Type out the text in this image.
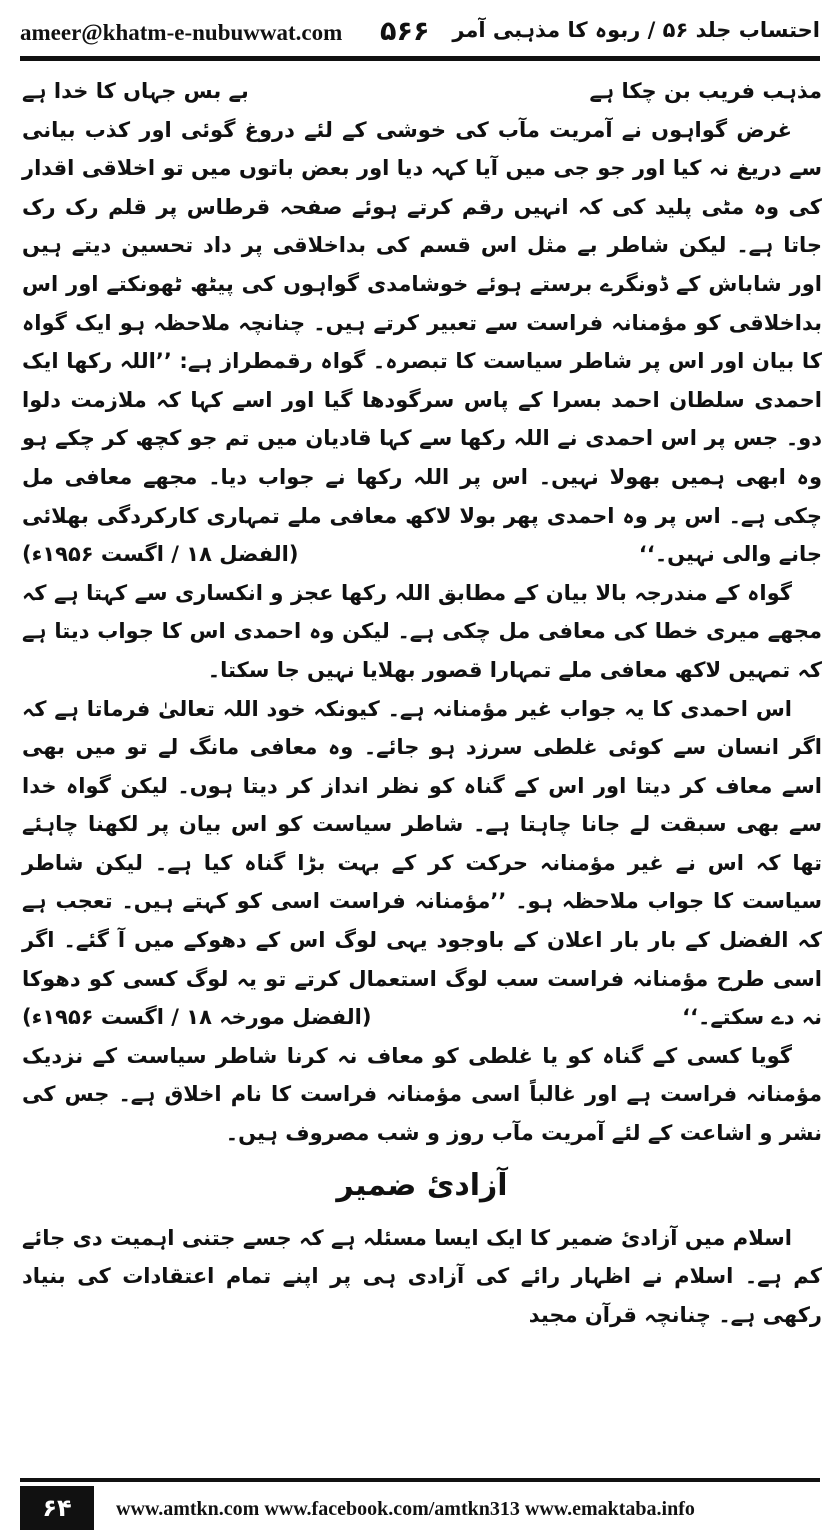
ameer@khatm-e-nubuwwat.com ۵۶۶ احتساب جلد ۵۶ / ربوہ کا مذہبی آمر
مذہب فریب بن چکا ہے
بے بس جہاں کا خدا ہے

غرض گواہوں نے آمریت مآب کی خوشی کے لئے دروغ گوئی اور کذب بیانی سے دریغ نہ کیا اور جو جی میں آیا کہہ دیا اور بعض باتوں میں تو اخلاقی اقدار کی وہ مٹی پلید کی کہ انہیں رقم کرتے ہوئے صفحہ قرطاس پر قلم رک رک جاتا ہے۔ لیکن شاطر بے مثل اس قسم کی بداخلاقی پر داد تحسین دیتے ہیں اور شاباش کے ڈونگرے برستے ہوئے خوشامدی گواہوں کی پیٹھ ٹھونکتے اور اس بداخلاقی کو مؤمنانہ فراست سے تعبیر کرتے ہیں۔ چنانچہ ملاحظہ ہو ایک گواہ کا بیان اور اس پر شاطر سیاست کا تبصرہ۔ گواہ رقمطراز ہے: ’’اللہ رکھا ایک احمدی سلطان احمد بسرا کے پاس سرگودھا گیا اور اسے کہا کہ ملازمت دلوا دو۔ جس پر اس احمدی نے اللہ رکھا سے کہا قادیان میں تم جو کچھ کر چکے ہو وہ ابھی ہمیں بھولا نہیں۔ اس پر اللہ رکھا نے جواب دیا۔ مجھے معافی مل چکی ہے۔ اس پر وہ احمدی پھر بولا لاکھ معافی ملے تمہاری کارکردگی بھلائی جانے والی نہیں۔‘‘
(الفضل ۱۸ / اگست ۱۹۵۶ء)

گواہ کے مندرجہ بالا بیان کے مطابق اللہ رکھا عجز و انکساری سے کہتا ہے کہ مجھے میری خطا کی معافی مل چکی ہے۔ لیکن وہ احمدی اس کا جواب دیتا ہے کہ تمہیں لاکھ معافی ملے تمہارا قصور بھلایا نہیں جا سکتا۔

اس احمدی کا یہ جواب غیر مؤمنانہ ہے۔ کیونکہ خود اللہ تعالیٰ فرماتا ہے کہ اگر انسان سے کوئی غلطی سرزد ہو جائے۔ وہ معافی مانگ لے تو میں بھی اسے معاف کر دیتا اور اس کے گناہ کو نظر انداز کر دیتا ہوں۔ لیکن گواہ خدا سے بھی سبقت لے جانا چاہتا ہے۔ شاطر سیاست کو اس بیان پر لکھنا چاہئے تھا کہ اس نے غیر مؤمنانہ حرکت کر کے بہت بڑا گناہ کیا ہے۔ لیکن شاطر سیاست کا جواب ملاحظہ ہو۔ ’’مؤمنانہ فراست اسی کو کہتے ہیں۔ تعجب ہے کہ الفضل کے بار بار اعلان کے باوجود یہی لوگ اس کے دھوکے میں آ گئے۔ اگر اسی طرح مؤمنانہ فراست سب لوگ استعمال کرتے تو یہ لوگ کسی کو دھوکا نہ دے سکتے۔‘‘
(الفضل مورخہ ۱۸ / اگست ۱۹۵۶ء)

گویا کسی کے گناہ کو یا غلطی کو معاف نہ کرنا شاطر سیاست کے نزدیک مؤمنانہ فراست ہے اور غالباً اسی مؤمنانہ فراست کا نام اخلاق ہے۔ جس کی نشر و اشاعت کے لئے آمریت مآب روز و شب مصروف ہیں۔

آزادیٔ ضمیر

اسلام میں آزادیٔ ضمیر کا ایک ایسا مسئلہ ہے کہ جسے جتنی اہمیت دی جائے کم ہے۔ اسلام نے اظہار رائے کی آزادی ہی پر اپنے تمام اعتقادات کی بنیاد رکھی ہے۔ چنانچہ قرآن مجید

۶۴	www.amtkn.com www.facebook.com/amtkn313 www.emaktaba.info
